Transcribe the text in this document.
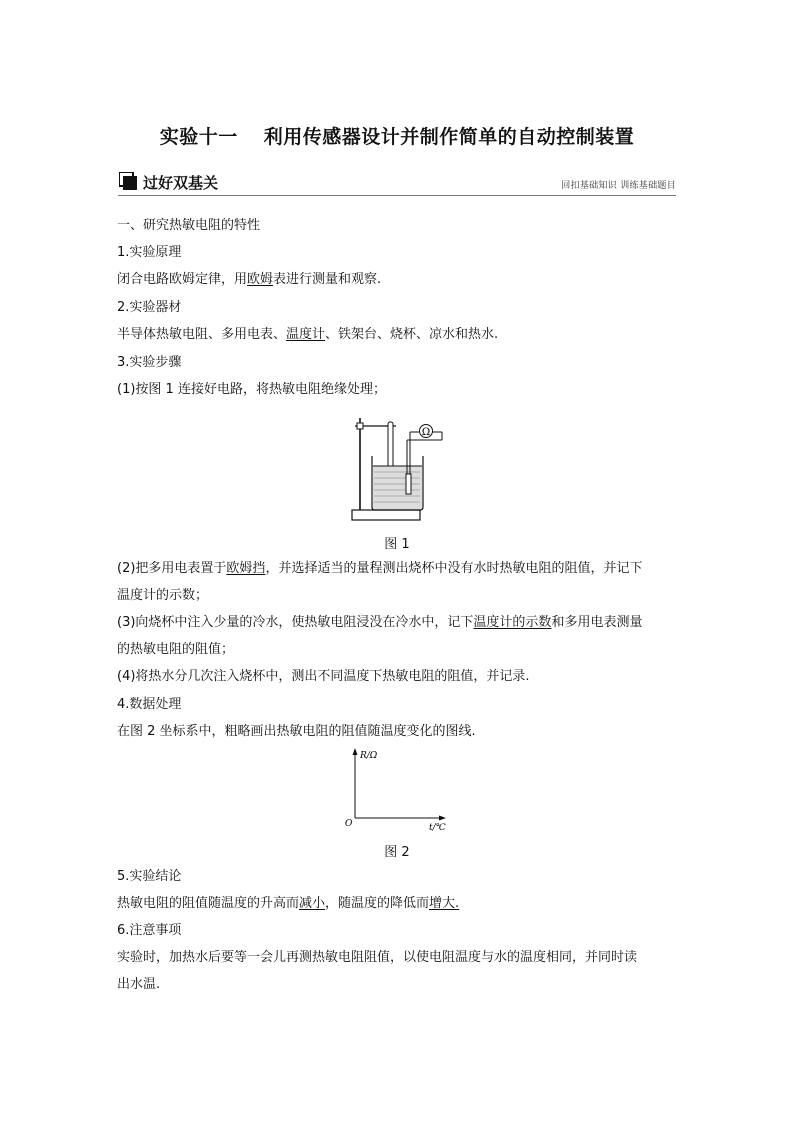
实验十一 利用传感器设计并制作简单的自动控制装置
过好双基关	回扣基础知识 训练基础题目
一、研究热敏电阻的特性
1.实验原理
闭合电路欧姆定律，用欧姆表进行测量和观察.
2.实验器材
半导体热敏电阻、多用电表、温度计、铁架台、烧杯、凉水和热水.
3.实验步骤
(1)按图 1 连接好电路，将热敏电阻绝缘处理；
Ω
图 1
(2)把多用电表置于欧姆挡，并选择适当的量程测出烧杯中没有水时热敏电阻的阻值，并记下
温度计的示数；
(3)向烧杯中注入少量的冷水，使热敏电阻浸没在冷水中，记下温度计的示数和多用电表测量
的热敏电阻的阻值；
(4)将热水分几次注入烧杯中，测出不同温度下热敏电阻的阻值，并记录.
4.数据处理
在图 2 坐标系中，粗略画出热敏电阻的阻值随温度变化的图线.
R/Ω
O	t/℃
图 2
5.实验结论
热敏电阻的阻值随温度的升高而减小，随温度的降低而增大.
6.注意事项
实验时，加热水后要等一会儿再测热敏电阻阻值，以使电阻温度与水的温度相同，并同时读
出水温.
